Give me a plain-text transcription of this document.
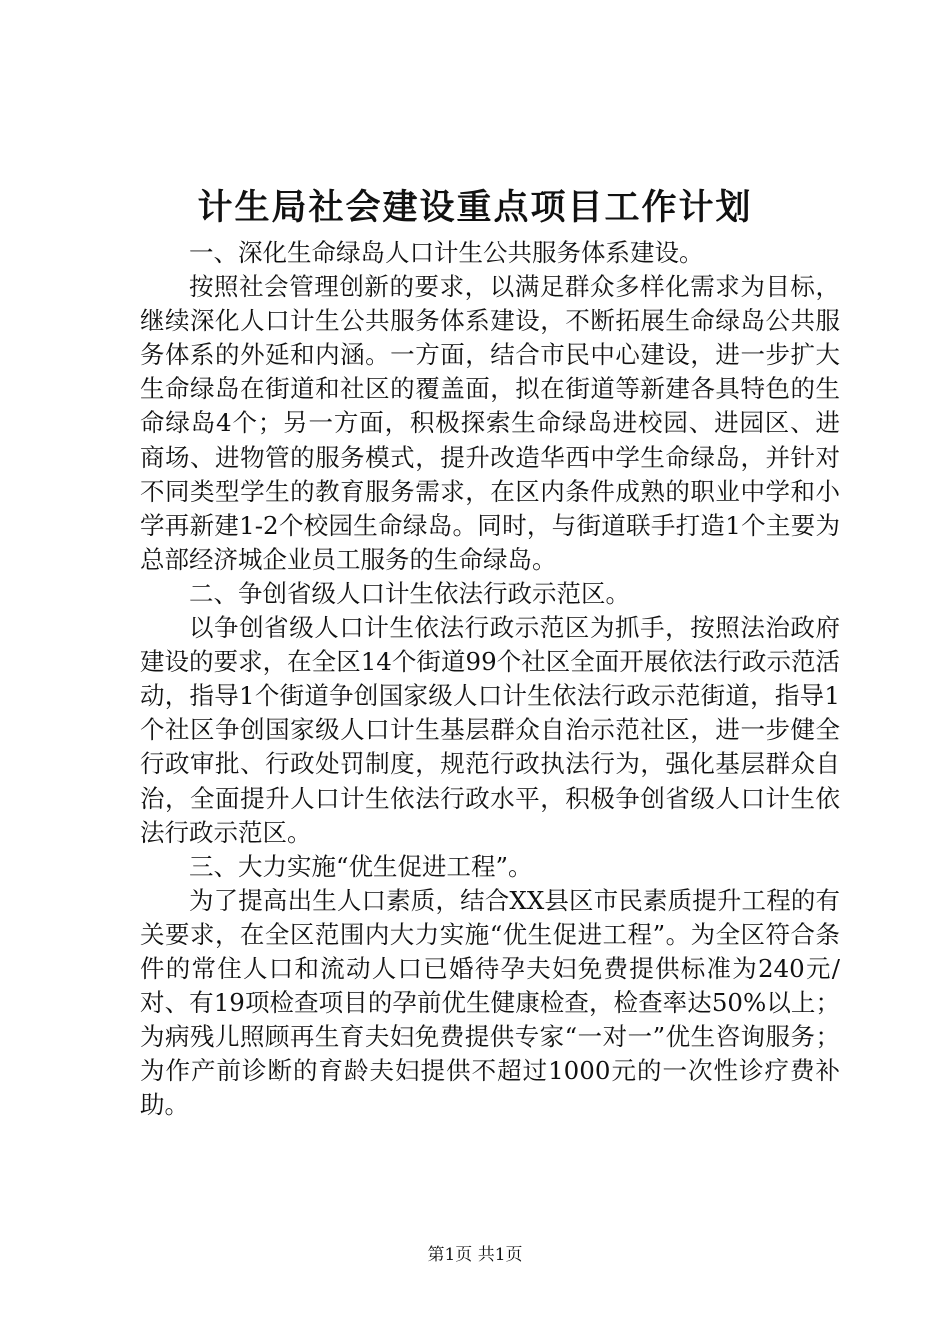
计生局社会建设重点项目工作计划

一、深化生命绿岛人口计生公共服务体系建设。

按照社会管理创新的要求，以满足群众多样化需求为目标，继续深化人口计生公共服务体系建设，不断拓展生命绿岛公共服务体系的外延和内涵。一方面，结合市民中心建设，进一步扩大生命绿岛在街道和社区的覆盖面，拟在街道等新建各具特色的生命绿岛4个；另一方面，积极探索生命绿岛进校园、进园区、进商场、进物管的服务模式，提升改造华西中学生命绿岛，并针对不同类型学生的教育服务需求，在区内条件成熟的职业中学和小学再新建1-2个校园生命绿岛。同时，与街道联手打造1个主要为总部经济城企业员工服务的生命绿岛。

二、争创省级人口计生依法行政示范区。

以争创省级人口计生依法行政示范区为抓手，按照法治政府建设的要求，在全区14个街道99个社区全面开展依法行政示范活动，指导1个街道争创国家级人口计生依法行政示范街道，指导1个社区争创国家级人口计生基层群众自治示范社区，进一步健全行政审批、行政处罚制度，规范行政执法行为，强化基层群众自治，全面提升人口计生依法行政水平，积极争创省级人口计生依法行政示范区。

三、大力实施“优生促进工程”。

为了提高出生人口素质，结合XX县区市民素质提升工程的有关要求，在全区范围内大力实施“优生促进工程”。为全区符合条件的常住人口和流动人口已婚待孕夫妇免费提供标准为240元/对、有19项检查项目的孕前优生健康检查，检查率达50%以上；为病残儿照顾再生育夫妇免费提供专家“一对一”优生咨询服务；为作产前诊断的育龄夫妇提供不超过1000元的一次性诊疗费补助。

第1页 共1页
